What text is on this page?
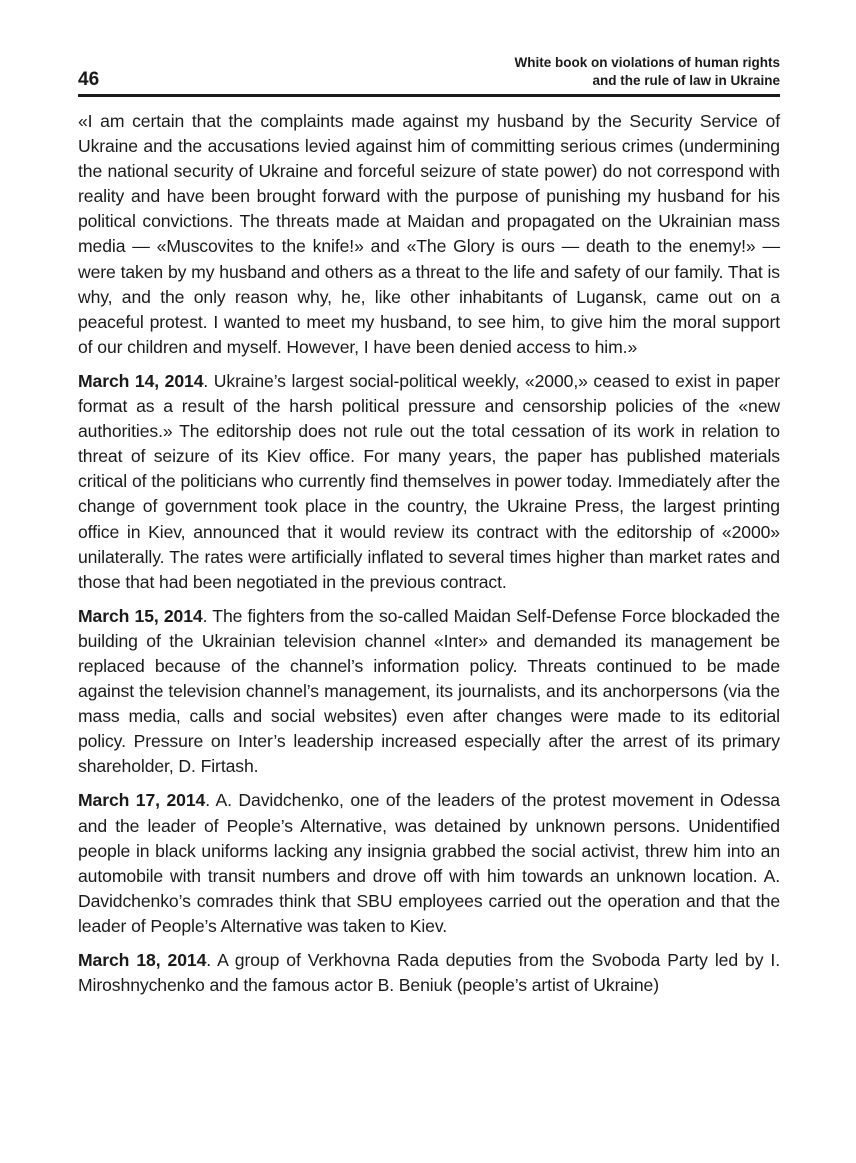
46
White book on violations of human rights
and the rule of law in Ukraine

«I am certain that the complaints made against my husband by the Security Service of Ukraine and the accusations levied against him of committing serious crimes (undermining the national security of Ukraine and forceful seizure of state power) do not correspond with reality and have been brought forward with the purpose of punishing my husband for his political convictions. The threats made at Maidan and propagated on the Ukrainian mass media — «Muscovites to the knife!» and «The Glory is ours — death to the enemy!» — were taken by my husband and others as a threat to the life and safety of our family. That is why, and the only reason why, he, like other inhabitants of Lugansk, came out on a peaceful protest. I wanted to meet my husband, to see him, to give him the moral support of our children and myself. However, I have been denied access to him.»

March 14, 2014. Ukraine’s largest social-political weekly, «2000,» ceased to exist in paper format as a result of the harsh political pressure and censorship policies of the «new authorities.» The editorship does not rule out the total cessation of its work in relation to threat of seizure of its Kiev office. For many years, the paper has published materials critical of the politicians who currently find themselves in power today. Immediately after the change of government took place in the country, the Ukraine Press, the largest printing office in Kiev, announced that it would review its contract with the editorship of «2000» unilaterally. The rates were artificially inflated to several times higher than market rates and those that had been negotiated in the previous contract.

March 15, 2014. The fighters from the so-called Maidan Self-Defense Force blockaded the building of the Ukrainian television channel «Inter» and demanded its management be replaced because of the channel’s information policy. Threats continued to be made against the television channel’s management, its journalists, and its anchorpersons (via the mass media, calls and social websites) even after changes were made to its editorial policy. Pressure on Inter’s leadership increased especially after the arrest of its primary shareholder, D. Firtash.

March 17, 2014. A. Davidchenko, one of the leaders of the protest movement in Odessa and the leader of People’s Alternative, was detained by unknown persons. Unidentified people in black uniforms lacking any insignia grabbed the social activist, threw him into an automobile with transit numbers and drove off with him towards an unknown location. A. Davidchenko’s comrades think that SBU employees carried out the operation and that the leader of People’s Alternative was taken to Kiev.

March 18, 2014. A group of Verkhovna Rada deputies from the Svoboda Party led by I. Miroshnychenko and the famous actor B. Beniuk (people’s artist of Ukraine)
